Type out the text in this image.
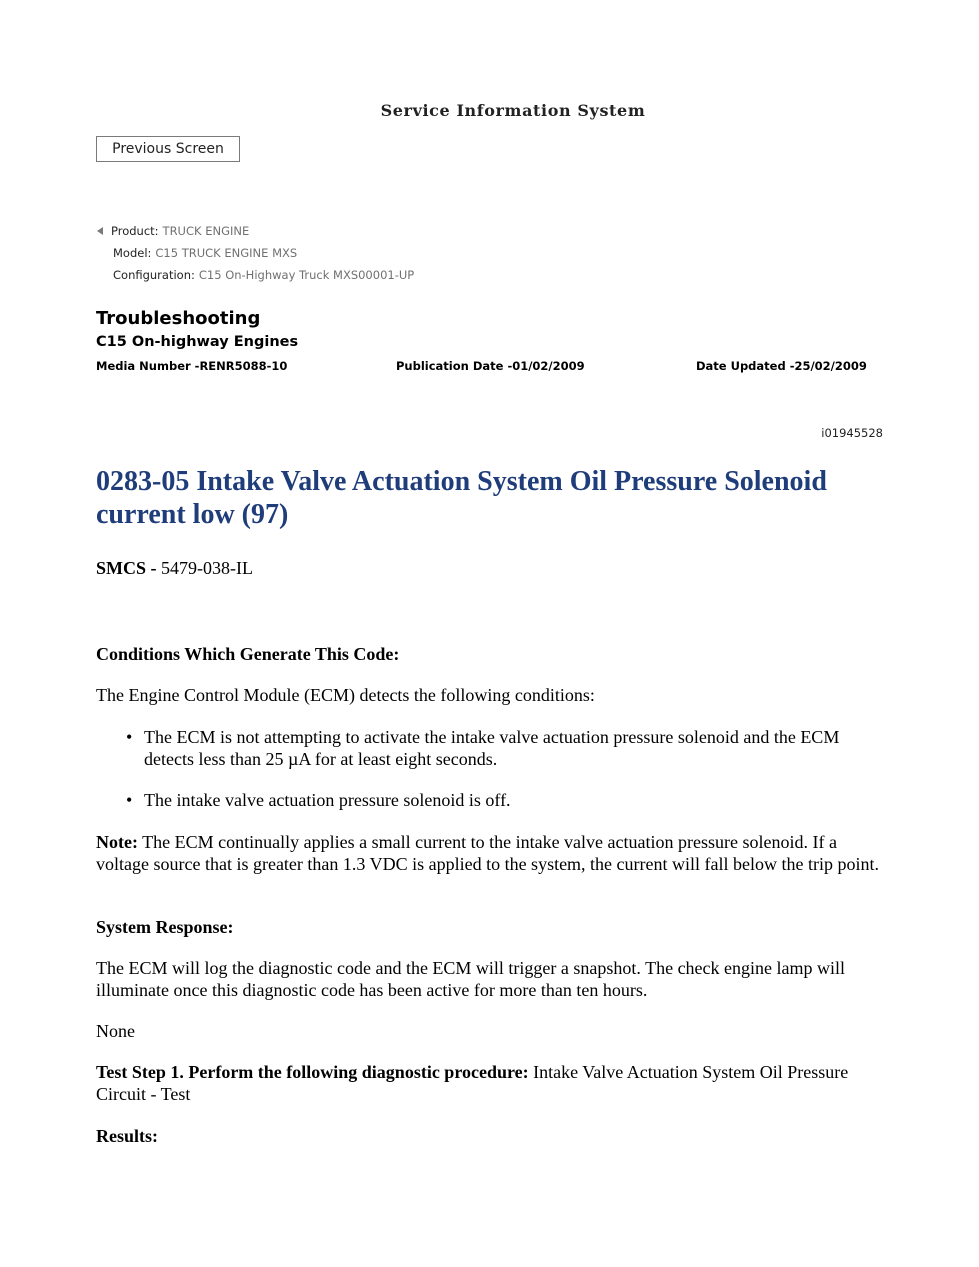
Service Information System
Previous Screen
Product: TRUCK ENGINE
Model: C15 TRUCK ENGINE MXS
Configuration: C15 On-Highway Truck MXS00001-UP
Troubleshooting
C15 On-highway Engines
Media Number -RENR5088-10	Publication Date -01/02/2009	Date Updated -25/02/2009
i01945528
0283-05 Intake Valve Actuation System Oil Pressure Solenoid current low (97)

SMCS - 5479-038-IL

Conditions Which Generate This Code:

The Engine Control Module (ECM) detects the following conditions:

• The ECM is not attempting to activate the intake valve actuation pressure solenoid and the ECM detects less than 25 µA for at least eight seconds.
• The intake valve actuation pressure solenoid is off.

Note: The ECM continually applies a small current to the intake valve actuation pressure solenoid. If a voltage source that is greater than 1.3 VDC is applied to the system, the current will fall below the trip point.

System Response:

The ECM will log the diagnostic code and the ECM will trigger a snapshot. The check engine lamp will illuminate once this diagnostic code has been active for more than ten hours.

None

Test Step 1. Perform the following diagnostic procedure: Intake Valve Actuation System Oil Pressure Circuit - Test

Results:
